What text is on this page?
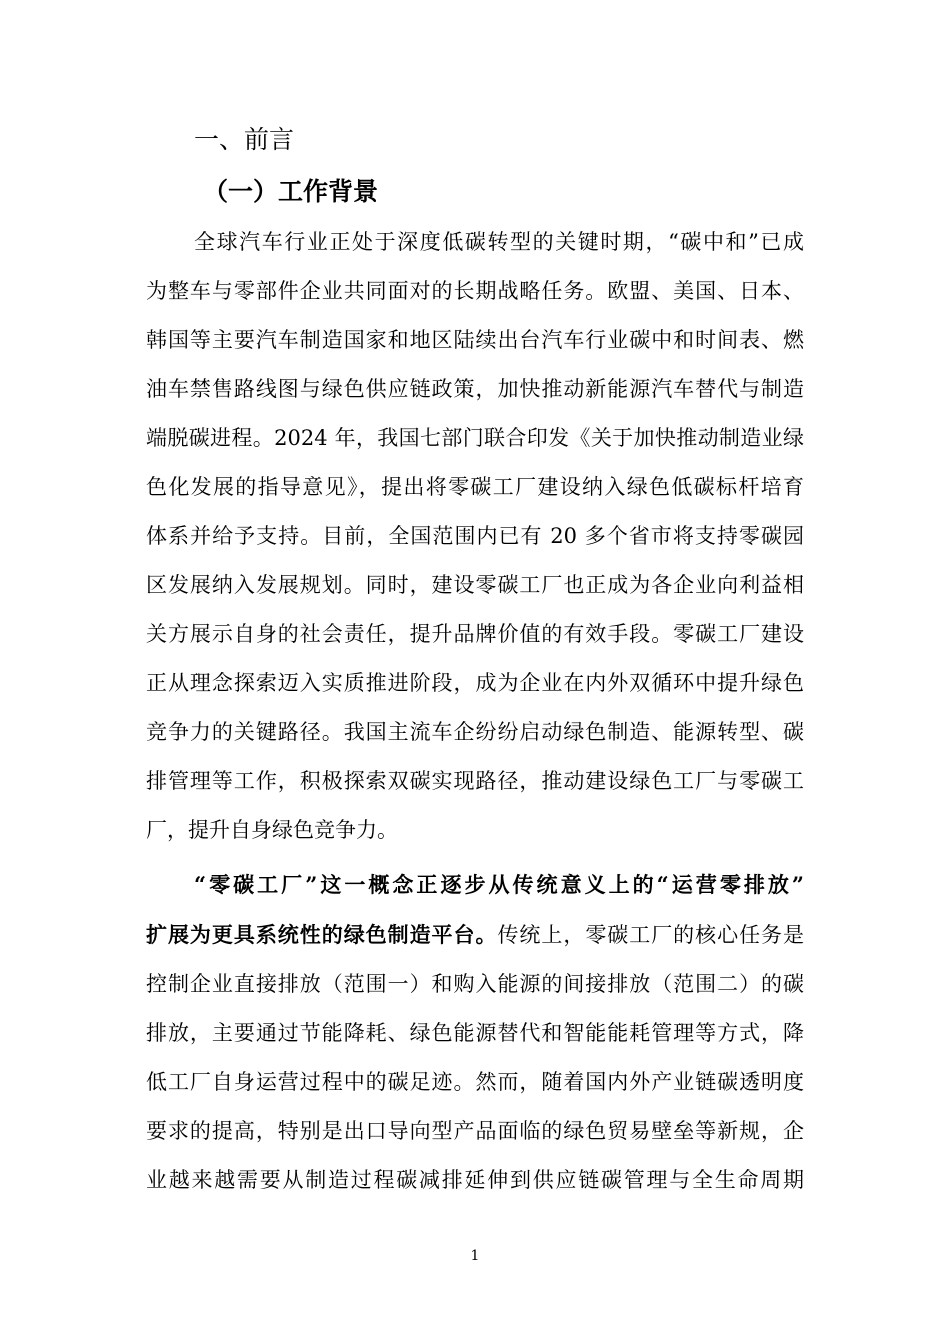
一、前言
（一）工作背景
全球汽车行业正处于深度低碳转型的关键时期，“碳中和”已成
为整车与零部件企业共同面对的长期战略任务。欧盟、美国、日本、
韩国等主要汽车制造国家和地区陆续出台汽车行业碳中和时间表、燃
油车禁售路线图与绿色供应链政策，加快推动新能源汽车替代与制造
端脱碳进程。2024 年，我国七部门联合印发《关于加快推动制造业绿
色化发展的指导意见》，提出将零碳工厂建设纳入绿色低碳标杆培育
体系并给予支持。目前，全国范围内已有 20 多个省市将支持零碳园
区发展纳入发展规划。同时，建设零碳工厂也正成为各企业向利益相
关方展示自身的社会责任，提升品牌价值的有效手段。零碳工厂建设
正从理念探索迈入实质推进阶段，成为企业在内外双循环中提升绿色
竞争力的关键路径。我国主流车企纷纷启动绿色制造、能源转型、碳
排管理等工作，积极探索双碳实现路径，推动建设绿色工厂与零碳工
厂，提升自身绿色竞争力。
“零碳工厂”这一概念正逐步从传统意义上的“运营零排放”
扩展为更具系统性的绿色制造平台。传统上，零碳工厂的核心任务是
控制企业直接排放（范围一）和购入能源的间接排放（范围二）的碳
排放，主要通过节能降耗、绿色能源替代和智能能耗管理等方式，降
低工厂自身运营过程中的碳足迹。然而，随着国内外产业链碳透明度
要求的提高，特别是出口导向型产品面临的绿色贸易壁垒等新规，企
业越来越需要从制造过程碳减排延伸到供应链碳管理与全生命周期
1
